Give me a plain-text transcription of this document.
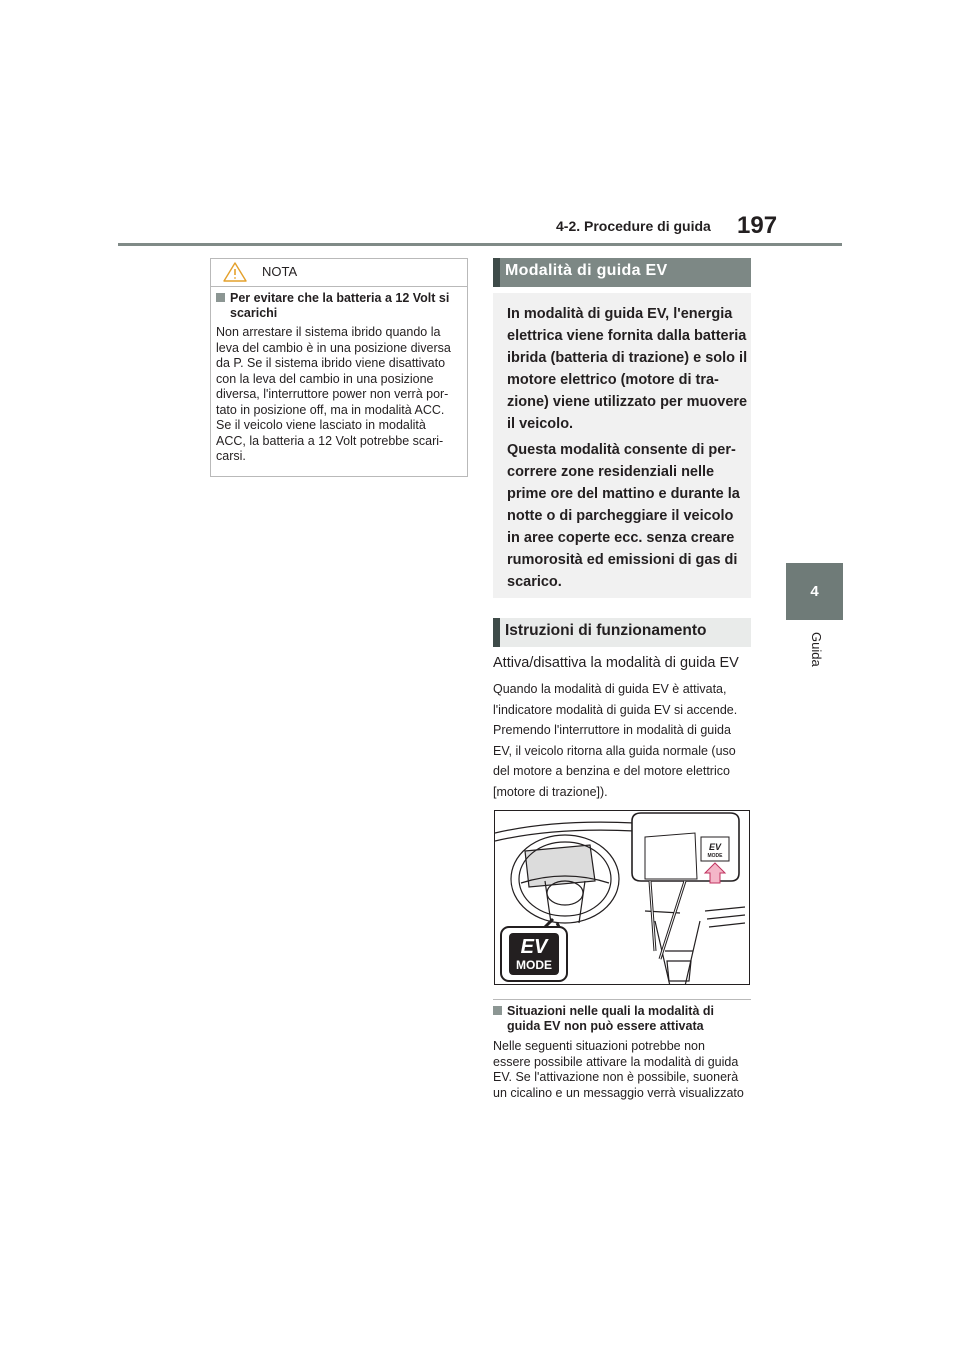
4-2. Procedure di guida 197
4
Guida
NOTA
Per evitare che la batteria a 12 Volt si
scarichi
Non arrestare il sistema ibrido quando la
leva del cambio è in una posizione diversa
da P. Se il sistema ibrido viene disattivato
con la leva del cambio in una posizione
diversa, l'interruttore power non verrà por-
tato in posizione off, ma in modalità ACC.
Se il veicolo viene lasciato in modalità
ACC, la batteria a 12 Volt potrebbe scari-
carsi.
Modalità di guida EV
In modalità di guida EV, l'energia
elettrica viene fornita dalla batteria
ibrida (batteria di trazione) e solo il
motore elettrico (motore di tra-
zione) viene utilizzato per muovere
il veicolo.
Questa modalità consente di per-
correre zone residenziali nelle
prime ore del mattino e durante la
notte o di parcheggiare il veicolo
in aree coperte ecc. senza creare
rumorosità ed emissioni di gas di
scarico.
Istruzioni di funzionamento
Attiva/disattiva la modalità di guida EV
Quando la modalità di guida EV è attivata,
l'indicatore modalità di guida EV si accende.
Premendo l'interruttore in modalità di guida
EV, il veicolo ritorna alla guida normale (uso
del motore a benzina e del motore elettrico
[motore di trazione]).
EV
MODE
EV
MODE
Situazioni nelle quali la modalità di
guida EV non può essere attivata
Nelle seguenti situazioni potrebbe non
essere possibile attivare la modalità di guida
EV. Se l'attivazione non è possibile, suonerà
un cicalino e un messaggio verrà visualizzato
